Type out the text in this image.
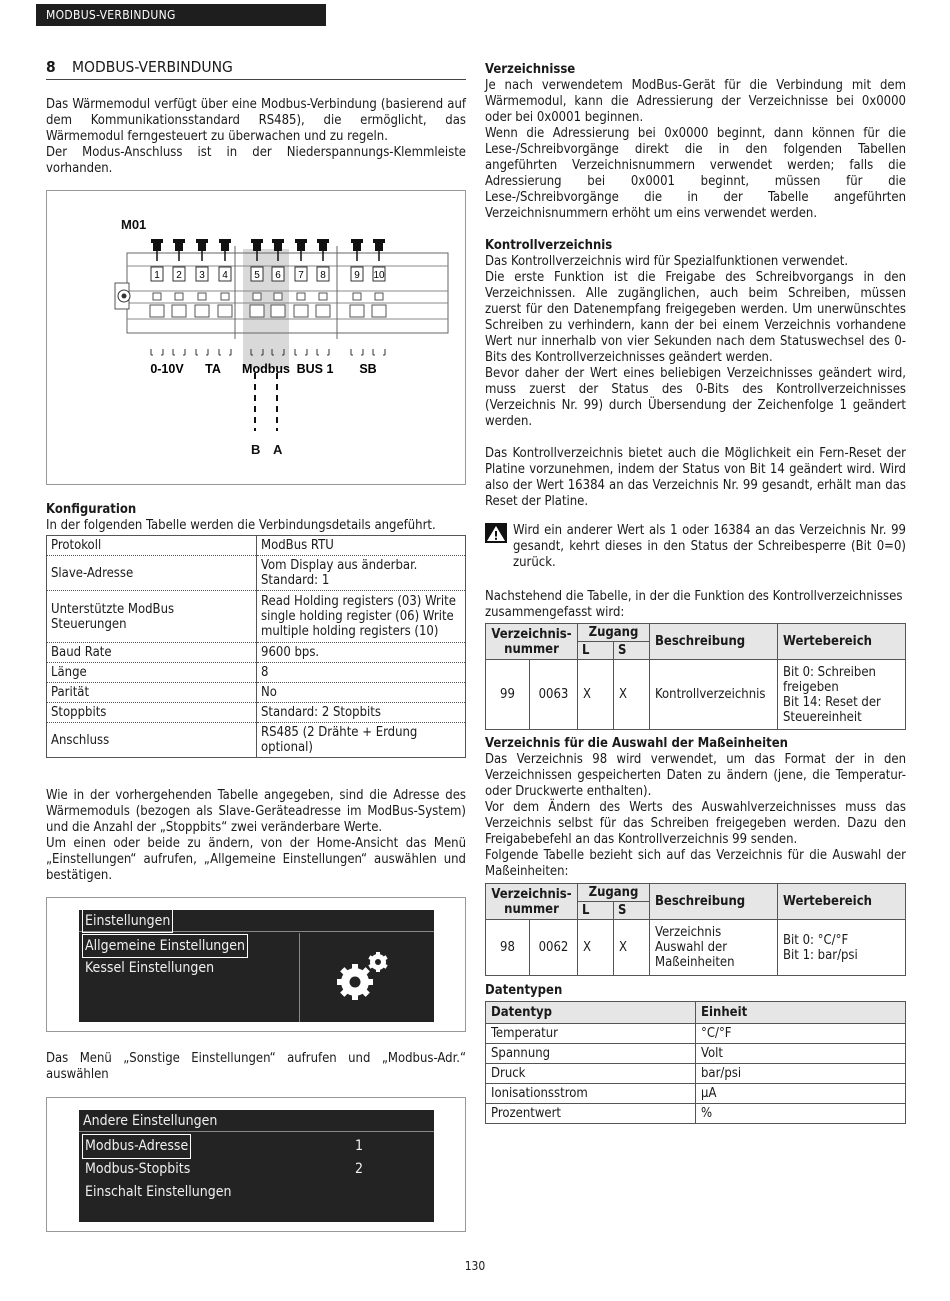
MODBUS-VERBINDUNG
8	MODBUS-VERBINDUNG

Das Wärmemodul verfügt über eine Modbus-Verbindung (basierend auf dem Kommunikationsstandard RS485), die ermöglicht, das Wärmemodul ferngesteuert zu überwachen und zu regeln.

Der Modus-Anschluss ist in der Niederspannungs-Klemmleiste vorhanden.

1 2 3 4	5 6 7 8	9 10
0-10V TA Modbus BUS 1 SB
M01
B A
Konfiguration
In der folgenden Tabelle werden die Verbindungsdetails angeführt.
Protokoll	ModBus RTU
Slave-Adresse	Vom Display aus änderbar. Standard: 1
Unterstützte ModBus Steuerungen	Read Holding registers (03) Write single holding register (06) Write multiple holding registers (10)
Baud Rate	9600 bps.
Länge	8
Parität	No
Stoppbits	Standard: 2 Stopbits
Anschluss	RS485 (2 Drähte + Erdung optional)

Wie in der vorhergehenden Tabelle angegeben, sind die Adresse des Wärmemoduls (bezogen als Slave-Geräteadresse im ModBus-System) und die Anzahl der „Stoppbits“ zwei veränderbare Werte.

Um einen oder beide zu ändern, von der Home-Ansicht das Menü „Einstellungen“ aufrufen, „Allgemeine Einstellungen“ auswählen und bestätigen.

Einstellungen
Allgemeine Einstellungen
Kessel Einstellungen

Das Menü „Sonstige Einstellungen“ aufrufen und „Modbus-Adr.“ auswählen

Andere Einstellungen
Modbus-Adresse	1
Modbus-Stopbits	2
Einschalt Einstellungen
Verzeichnisse

Je nach verwendetem ModBus-Gerät für die Verbindung mit dem Wärmemodul, kann die Adressierung der Verzeichnisse bei 0x0000 oder bei 0x0001 beginnen.

Wenn die Adressierung bei 0x0000 beginnt, dann können für die Lese-/Schreibvorgänge direkt die in den folgenden Tabellen angeführten Verzeichnisnummern verwendet werden; falls die Adressierung bei 0x0001 beginnt, müssen für die Lese-/Schreibvorgänge die in der Tabelle angeführten Verzeichnisnummern erhöht um eins verwendet werden.

Kontrollverzeichnis

Das Kontrollverzeichnis wird für Spezialfunktionen verwendet.

Die erste Funktion ist die Freigabe des Schreibvorgangs in den Verzeichnissen. Alle zugänglichen, auch beim Schreiben, müssen zuerst für den Datenempfang freigegeben werden. Um unerwünschtes Schreiben zu verhindern, kann der bei einem Verzeichnis vorhandene Wert nur innerhalb von vier Sekunden nach dem Statuswechsel des 0-Bits des Kontrollverzeichnisses geändert werden.

Bevor daher der Wert eines beliebigen Verzeichnisses geändert wird, muss zuerst der Status des 0-Bits des Kontrollverzeichnisses (Verzeichnis Nr. 99) durch Übersendung der Zeichenfolge 1 geändert werden.

Das Kontrollverzeichnis bietet auch die Möglichkeit ein Fern-Reset der Platine vorzunehmen, indem der Status von Bit 14 geändert wird. Wird also der Wert 16384 an das Verzeichnis Nr. 99 gesandt, erhält man das Reset der Platine.

Wird ein anderer Wert als 1 oder 16384 an das Verzeichnis Nr. 99 gesandt, kehrt dieses in den Status der Schreibesperre (Bit 0=0) zurück.

Nachstehend die Tabelle, in der die Funktion des Kontrollverzeichnisses zusammengefasst wird:

Verzeichnis-nummer		Zugang		Beschreibung	Wertebereich
		L	S		
99	0063	X	X	Kontrollverzeichnis	Bit 0: Schreiben freigeben
Bit 14: Reset der Steuereinheit
Verzeichnis für die Auswahl der Maßeinheiten

Das Verzeichnis 98 wird verwendet, um das Format der in den Verzeichnissen gespeicherten Daten zu ändern (jene, die Temperatur- oder Druckwerte enthalten).

Vor dem Ändern des Werts des Auswahlverzeichnisses muss das Verzeichnis selbst für das Schreiben freigegeben werden. Dazu den Freigabebefehl an das Kontrollverzeichnis 99 senden.

Folgende Tabelle bezieht sich auf das Verzeichnis für die Auswahl der Maßeinheiten:

Verzeichnis-nummer		Zugang		Beschreibung	Wertebereich
		L	S		
98	0062	X	X	Verzeichnis Auswahl der Maßeinheiten	Bit 0: °C/°F
Bit 1: bar/psi
Datentypen
Datentyp	Einheit
Temperatur	°C/°F
Spannung	Volt
Druck	bar/psi
Ionisationsstrom	µA
Prozentwert	%
130
